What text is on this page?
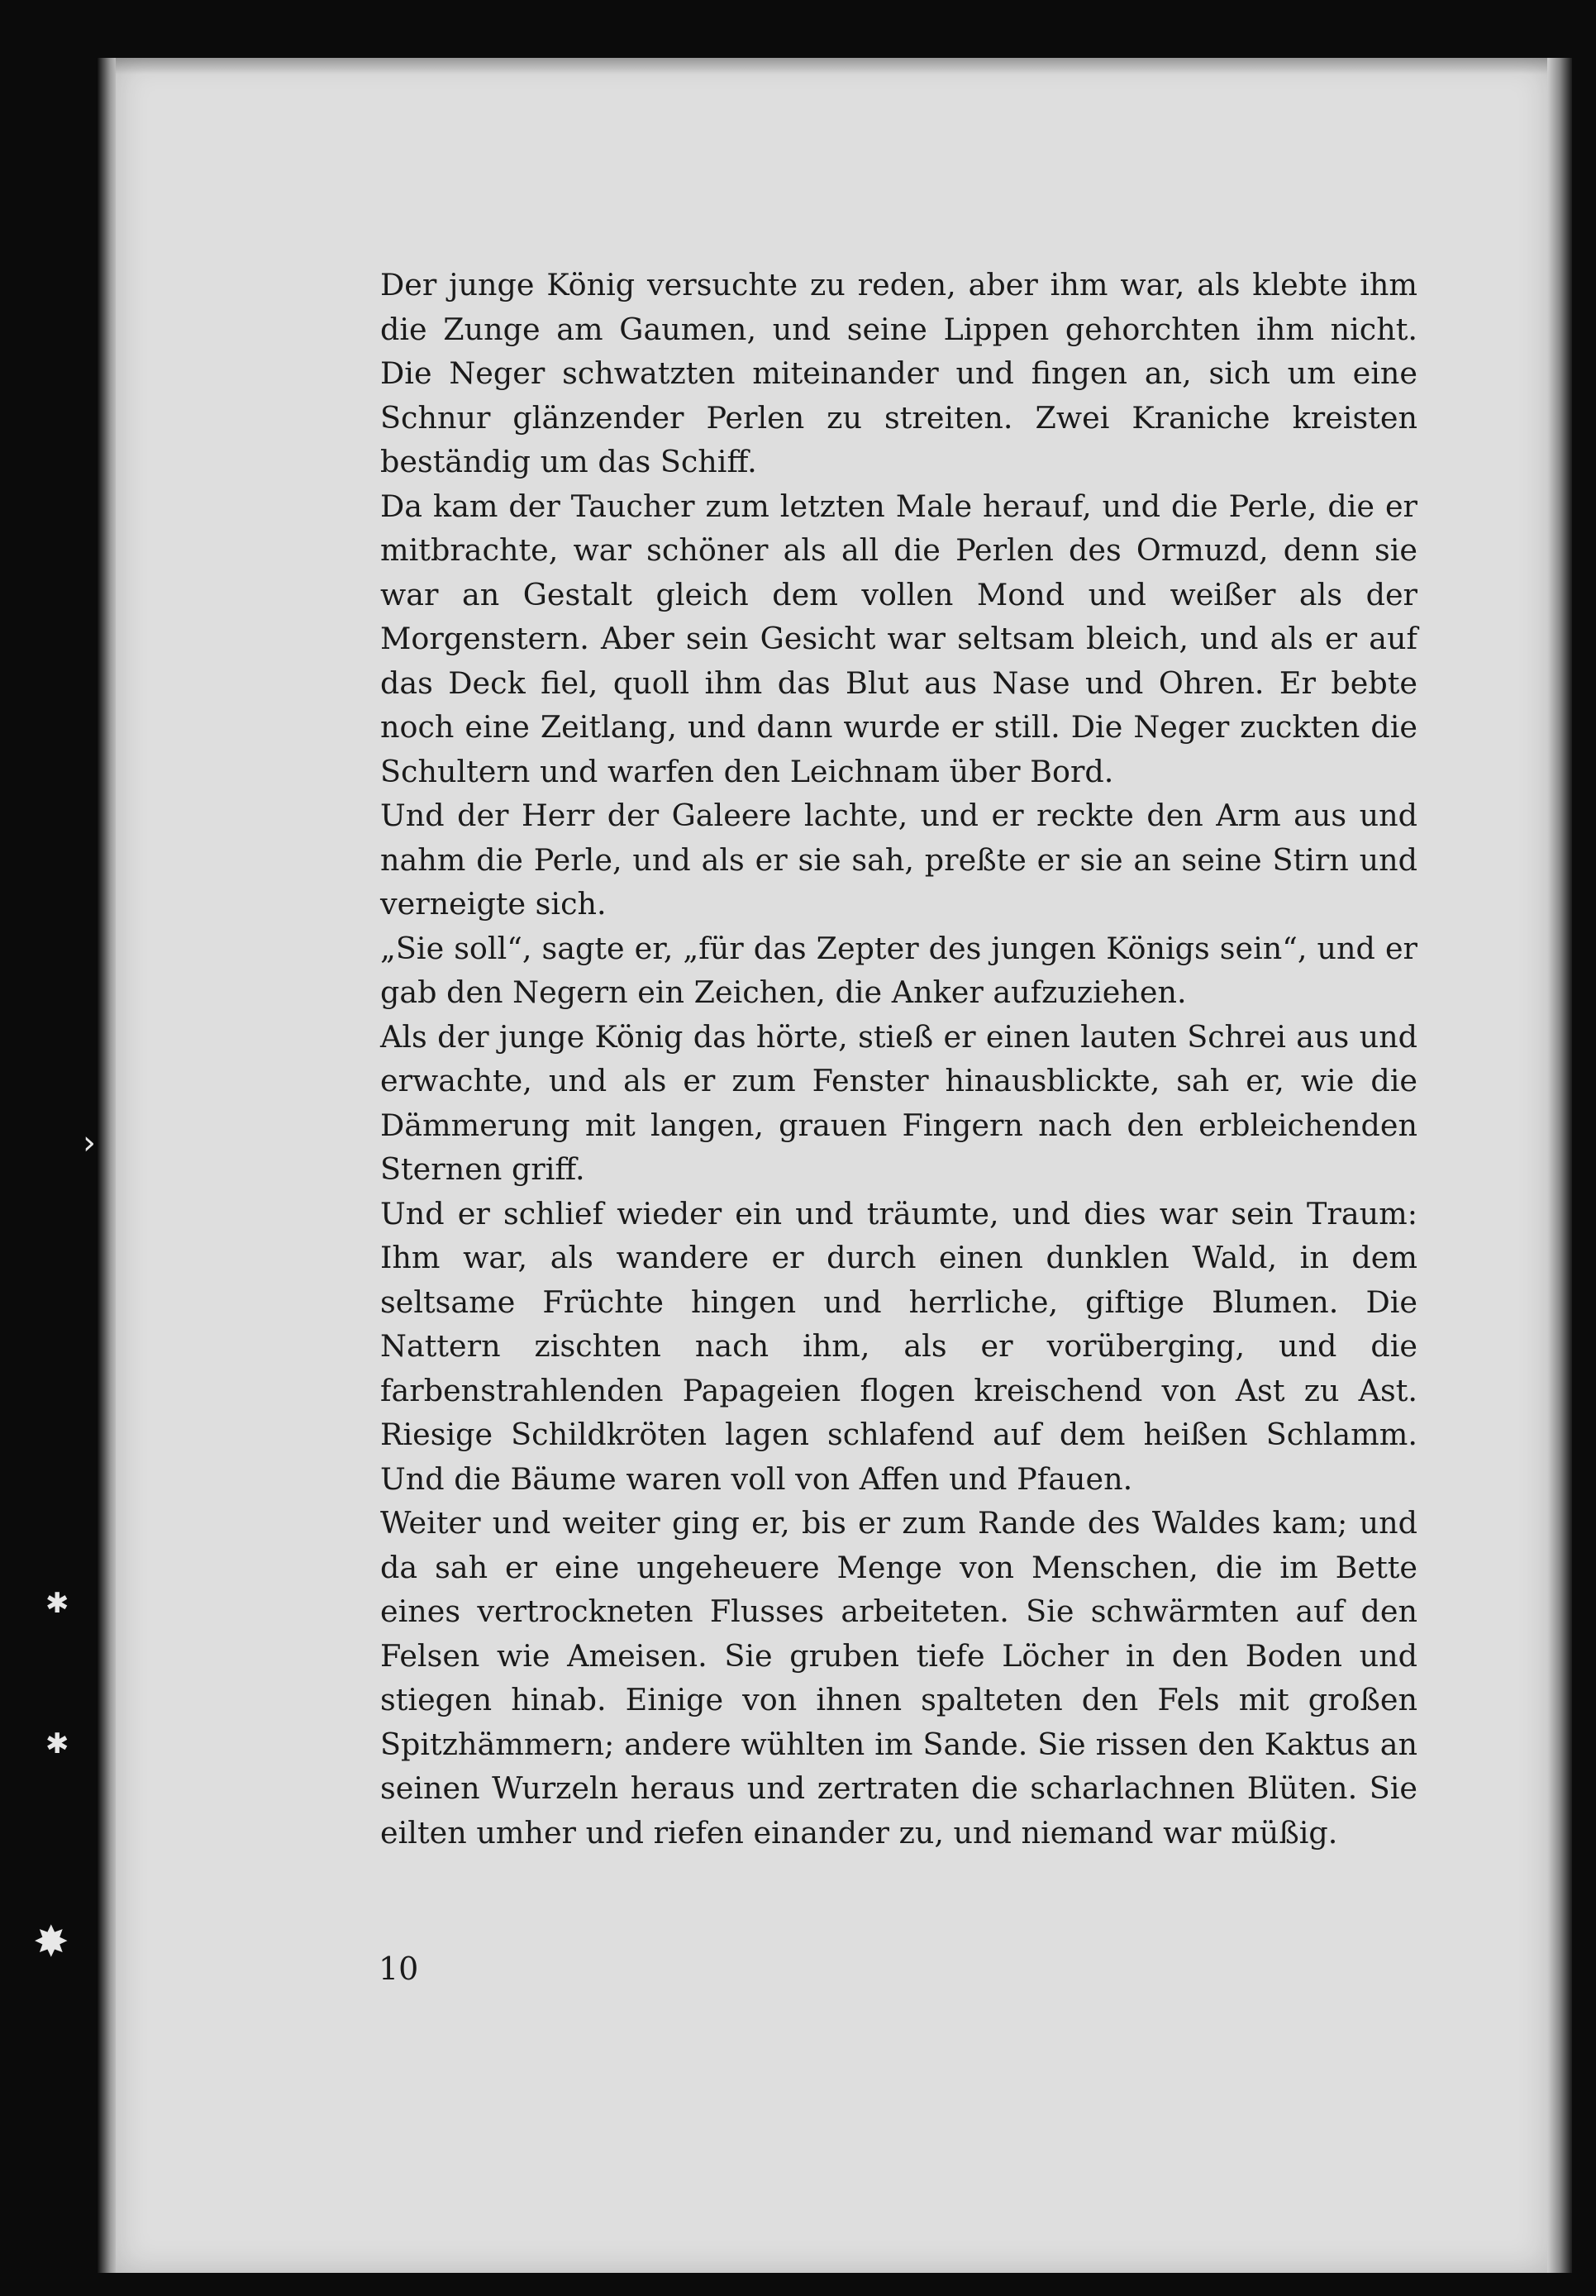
Der junge König versuchte zu reden, aber ihm war, als klebte ihm die Zunge am Gaumen, und seine Lippen gehorchten ihm nicht. Die Neger schwatzten miteinander und fingen an, sich um eine Schnur glänzender Perlen zu streiten. Zwei Kraniche kreisten beständig um das Schiff.

Da kam der Taucher zum letzten Male herauf, und die Perle, die er mitbrachte, war schöner als all die Perlen des Ormuzd, denn sie war an Gestalt gleich dem vollen Mond und weißer als der Morgenstern. Aber sein Gesicht war seltsam bleich, und als er auf das Deck fiel, quoll ihm das Blut aus Nase und Ohren. Er bebte noch eine Zeitlang, und dann wurde er still. Die Neger zuckten die Schultern und warfen den Leichnam über Bord.

Und der Herr der Galeere lachte, und er reckte den Arm aus und nahm die Perle, und als er sie sah, preßte er sie an seine Stirn und verneigte sich.

„Sie soll“, sagte er, „für das Zepter des jungen Königs sein“, und er gab den Negern ein Zeichen, die Anker aufzuziehen.

Als der junge König das hörte, stieß er einen lauten Schrei aus und erwachte, und als er zum Fenster hinausblickte, sah er, wie die Dämmerung mit langen, grauen Fingern nach den erbleichenden Sternen griff.

Und er schlief wieder ein und träumte, und dies war sein Traum: Ihm war, als wandere er durch einen dunklen Wald, in dem seltsame Früchte hingen und herrliche, giftige Blumen. Die Nattern zischten nach ihm, als er vorüberging, und die farbenstrahlenden Papageien flogen kreischend von Ast zu Ast. Riesige Schildkröten lagen schlafend auf dem heißen Schlamm. Und die Bäume waren voll von Affen und Pfauen.

Weiter und weiter ging er, bis er zum Rande des Waldes kam; und da sah er eine ungeheuere Menge von Menschen, die im Bette eines vertrockneten Flusses arbeiteten. Sie schwärmten auf den Felsen wie Ameisen. Sie gruben tiefe Löcher in den Boden und stiegen hinab. Einige von ihnen spalteten den Fels mit großen Spitzhämmern; andere wühlten im Sande. Sie rissen den Kaktus an seinen Wurzeln heraus und zertraten die scharlachnen Blüten. Sie eilten umher und riefen einander zu, und niemand war müßig.

10
›
✱
✱
✸
